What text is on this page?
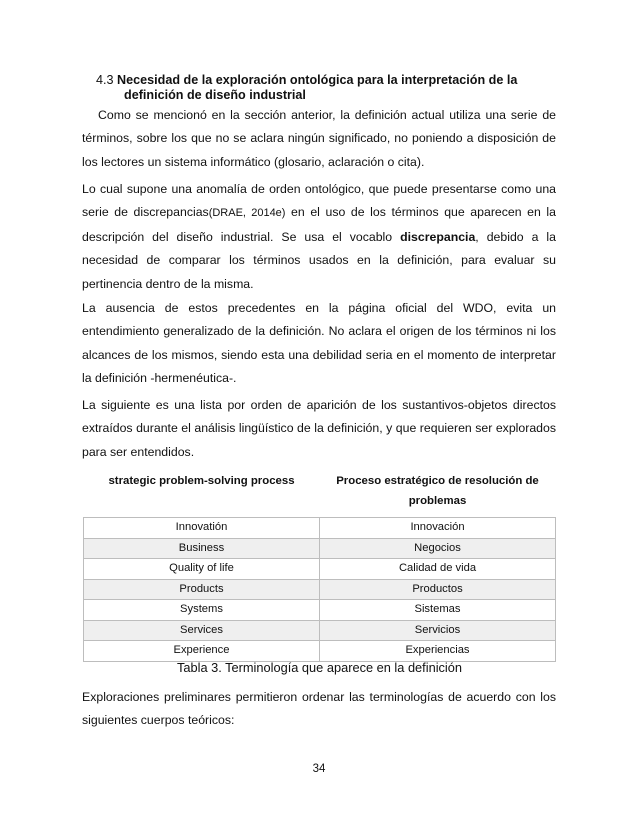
4.3 Necesidad de la exploración ontológica para la interpretación de la
definición de diseño industrial

Como se mencionó en la sección anterior, la definición actual utiliza una serie de términos, sobre los que no se aclara ningún significado, no poniendo a disposición de los lectores un sistema informático (glosario, aclaración o cita).

Lo cual supone una anomalía de orden ontológico, que puede presentarse como una serie de discrepancias(DRAE, 2014e) en el uso de los términos que aparecen en la descripción del diseño industrial. Se usa el vocablo discrepancia, debido a la necesidad de comparar los términos usados en la definición, para evaluar su pertinencia dentro de la misma.

La ausencia de estos precedentes en la página oficial del WDO, evita un entendimiento generalizado de la definición. No aclara el origen de los términos ni los alcances de los mismos, siendo esta una debilidad seria en el momento de interpretar la definición -hermenéutica-.

La siguiente es una lista por orden de aparición de los sustantivos-objetos directos extraídos durante el análisis lingüístico de la definición, y que requieren ser explorados para ser entendidos.

strategic problem-solving process	Proceso estratégico de resolución de problemas
Innovatión	Innovación
Business	Negocios
Quality of life	Calidad de vida
Products	Productos
Systems	Sistemas
Services	Servicios
Experience	Experiencias
Tabla 3. Terminología que aparece en la definición

Exploraciones preliminares permitieron ordenar las terminologías de acuerdo con los siguientes cuerpos teóricos:

34
